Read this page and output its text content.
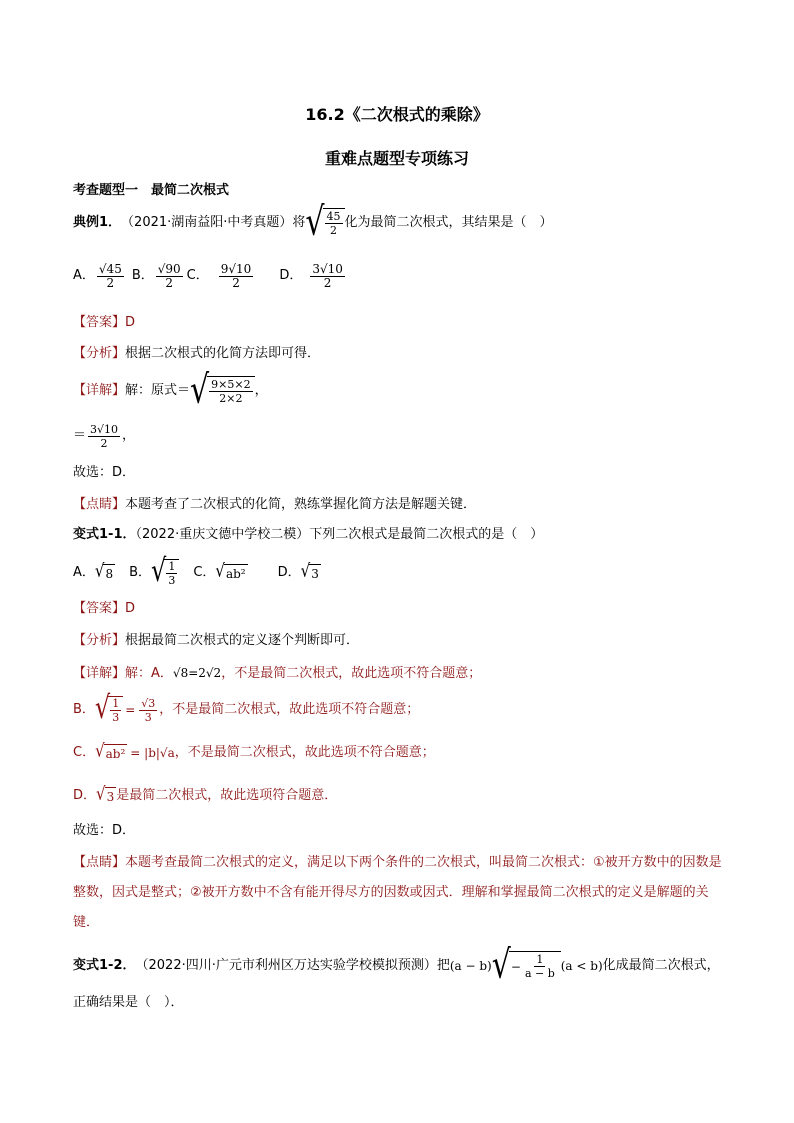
16.2《二次根式的乘除》
重难点题型专项练习
考查题型一　最简二次根式
典例1． （2021·湖南益阳·中考真题）将 √ $\frac{45}{2}$ 化为最简二次根式，其结果是（　）
A． $\frac{√45}{2}$ B． $\frac{√90}{2}$ C． $\frac{9√10}{2}$ D． $\frac{3√10}{2}$
【答案】D
【分析】根据二次根式的化简方法即可得．
【详解】 解：原式＝ √ $\frac{9\times 5\times 2}{2\times 2}$ ，
＝ $\frac{3√10}{2}$ ，
故选：D．
【点睛】本题考查了二次根式的化简，熟练掌握化简方法是解题关键．
变式1-1．（2022·重庆文德中学校二模）下列二次根式是最简二次根式的是（　）
A． √ 8 B． √ $\frac{1}{3}$ C． √ ab² D． √ 3
【答案】D
【分析】根据最简二次根式的定义逐个判断即可．
【详解】解：A．√8=2√2，不是最简二次根式，故此选项不符合题意；
B． √ $\frac{1}{3} = \frac{√3}{3}$ ，不是最简二次根式，故此选项不符合题意；
C． √ ab² = |b|√a ，不是最简二次根式，故此选项不符合题意；
D． √ 3 是最简二次根式，故此选项符合题意．
故选：D．
【点睛】本题考查最简二次根式的定义，满足以下两个条件的二次根式，叫最简二次根式：①被开方数中的因数是整数，因式是整式；②被开方数中不含有能开得尽方的因数或因式．理解和掌握最简二次根式的定义是解题的关键．
变式1-2． （2022·四川·广元市利州区万达实验学校模拟预测）把 (a − b) √ − $\frac{1}{a - b} (a < b)$ 化成最简二次根式，
正确结果是（　）．
